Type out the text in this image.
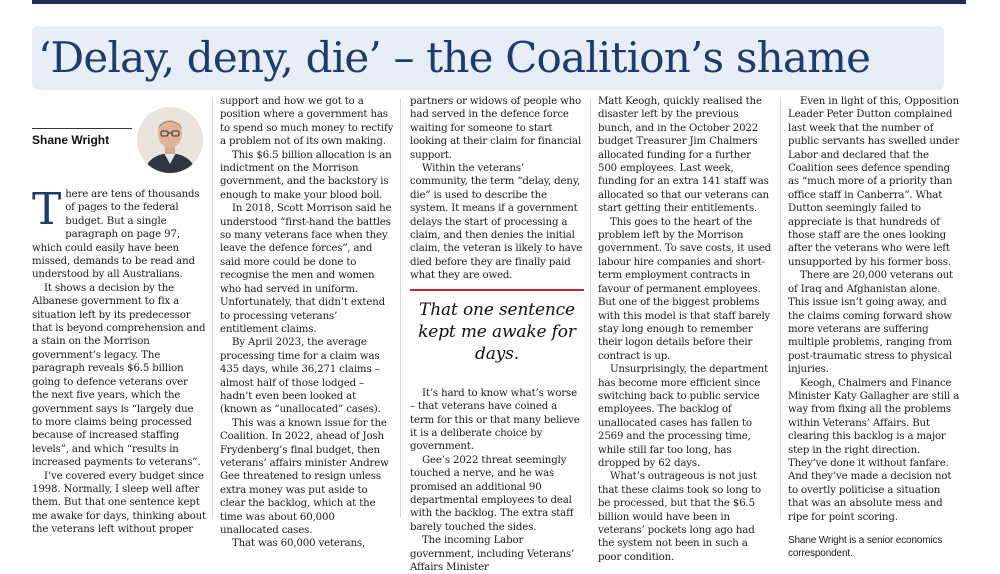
‘Delay, deny, die’ – the Coalition’s shame
Shane Wright

There are tens of thousands of pages to the federal budget. But a single paragraph on page 97, which could easily have been missed, demands to be read and understood by all Australians.

It shows a decision by the Albanese government to fix a situation left by its predecessor that is beyond comprehension and a stain on the Morrison government’s legacy. The paragraph reveals $6.5 billion going to defence veterans over the next five years, which the government says is “largely due to more claims being processed because of increased staffing levels”, and which “results in increased payments to veterans”.

I’ve covered every budget since 1998. Normally, I sleep well after them. But that one sentence kept me awake for days, thinking about the veterans left without proper

support and how we got to a position where a government has to spend so much money to rectify a problem not of its own making.

This $6.5 billion allocation is an indictment on the Morrison government, and the backstory is enough to make your blood boil.

In 2018, Scott Morrison said he understood “first-hand the battles so many veterans face when they leave the defence forces”, and said more could be done to recognise the men and women who had served in uniform. Unfortunately, that didn’t extend to processing veterans’ entitlement claims.

By April 2023, the average processing time for a claim was 435 days, while 36,271 claims – almost half of those lodged – hadn’t even been looked at (known as “unallocated” cases).

This was a known issue for the Coalition. In 2022, ahead of Josh Frydenberg’s final budget, then veterans’ affairs minister Andrew Gee threatened to resign unless extra money was put aside to clear the backlog, which at the time was about 60,000 unallocated cases.

That was 60,000 veterans,

partners or widows of people who had served in the defence force waiting for someone to start looking at their claim for financial support.

Within the veterans’ community, the term “delay, deny, die” is used to describe the system. It means if a government delays the start of processing a claim, and then denies the initial claim, the veteran is likely to have died before they are finally paid what they are owed.

That one sentence kept me awake for days.

It’s hard to know what’s worse – that veterans have coined a term for this or that many believe it is a deliberate choice by government.

Gee’s 2022 threat seemingly touched a nerve, and he was promised an additional 90 departmental employees to deal with the backlog. The extra staff barely touched the sides.

The incoming Labor government, including Veterans’ Affairs Minister

Matt Keogh, quickly realised the disaster left by the previous bunch, and in the October 2022 budget Treasurer Jim Chalmers allocated funding for a further 500 employees. Last week, funding for an extra 141 staff was allocated so that our veterans can start getting their entitlements.

This goes to the heart of the problem left by the Morrison government. To save costs, it used labour hire companies and short-term employment contracts in favour of permanent employees. But one of the biggest problems with this model is that staff barely stay long enough to remember their logon details before their contract is up.

Unsurprisingly, the department has become more efficient since switching back to public service employees. The backlog of unallocated cases has fallen to 2569 and the processing time, while still far too long, has dropped by 62 days.

What’s outrageous is not just that these claims took so long to be processed, but that the $6.5 billion would have been in veterans’ pockets long ago had the system not been in such a poor condition.

Even in light of this, Opposition Leader Peter Dutton complained last week that the number of public servants has swelled under Labor and declared that the Coalition sees defence spending as “much more of a priority than office staff in Canberra”. What Dutton seemingly failed to appreciate is that hundreds of those staff are the ones looking after the veterans who were left unsupported by his former boss.

There are 20,000 veterans out of Iraq and Afghanistan alone. This issue isn’t going away, and the claims coming forward show more veterans are suffering multiple problems, ranging from post-traumatic stress to physical injuries.

Keogh, Chalmers and Finance Minister Katy Gallagher are still a way from fixing all the problems within Veterans’ Affairs. But clearing this backlog is a major step in the right direction. They’ve done it without fanfare. And they’ve made a decision not to overtly politicise a situation that was an absolute mess and ripe for point scoring.

Shane Wright is a senior economics correspondent.
